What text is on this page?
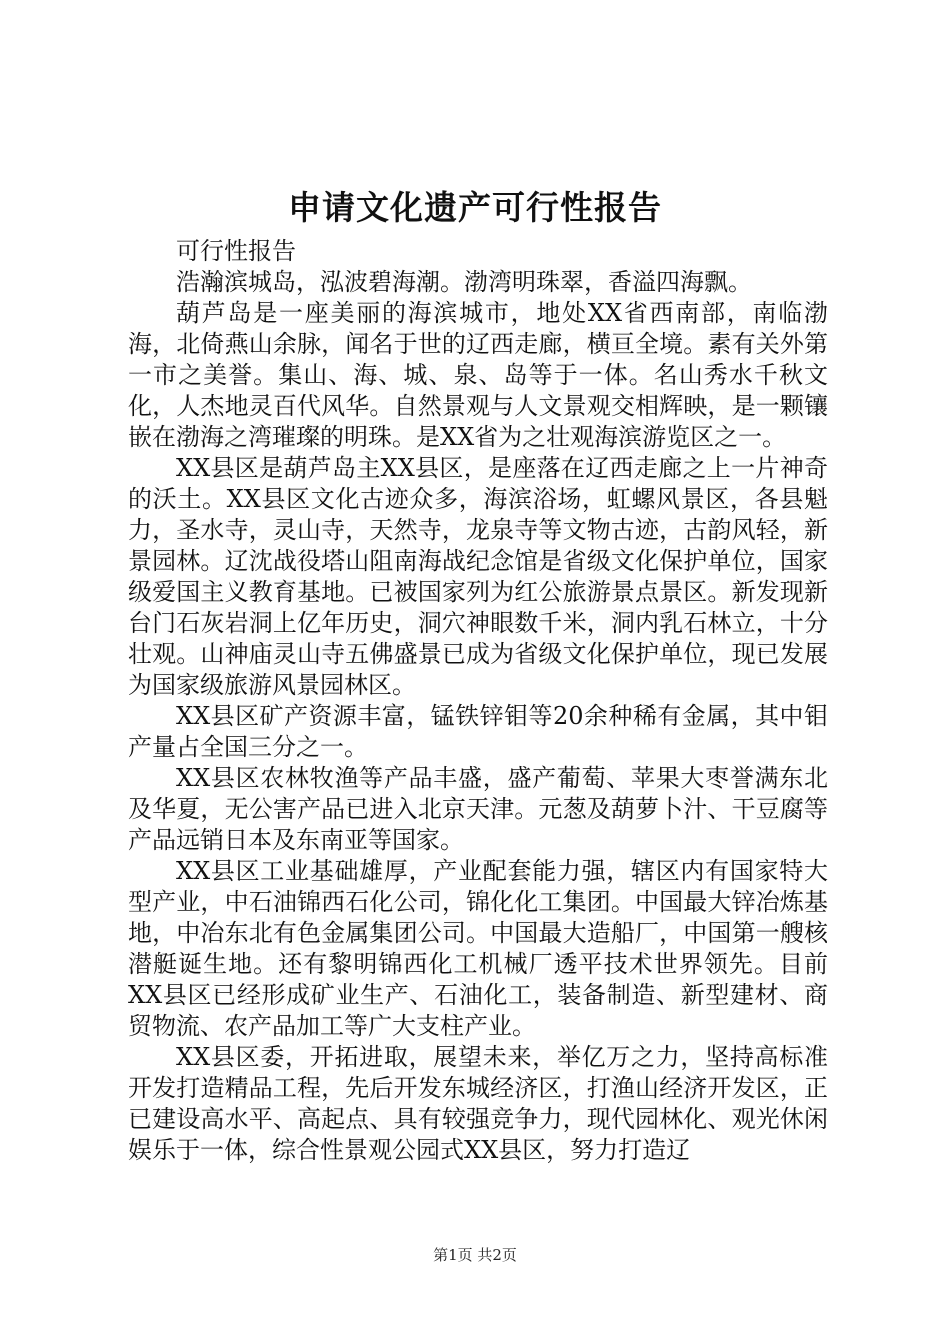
申请文化遗产可行性报告

可行性报告

浩瀚滨城岛，泓波碧海潮。渤湾明珠翠，香溢四海飘。

葫芦岛是一座美丽的海滨城市，地处XX省西南部，南临渤海，北倚燕山余脉，闻名于世的辽西走廊，横亘全境。素有关外第一市之美誉。集山、海、城、泉、岛等于一体。名山秀水千秋文化，人杰地灵百代风华。自然景观与人文景观交相辉映，是一颗镶嵌在渤海之湾璀璨的明珠。是XX省为之壮观海滨游览区之一。

XX县区是葫芦岛主XX县区，是座落在辽西走廊之上一片神奇的沃土。XX县区文化古迹众多，海滨浴场，虹螺风景区，各县魁力，圣水寺，灵山寺，天然寺，龙泉寺等文物古迹，古韵风轻，新景园林。辽沈战役塔山阻南海战纪念馆是省级文化保护单位，国家级爱国主义教育基地。已被国家列为红公旅游景点景区。新发现新台门石灰岩洞上亿年历史，洞穴神眼数千米，洞内乳石林立，十分壮观。山神庙灵山寺五佛盛景已成为省级文化保护单位，现已发展为国家级旅游风景园林区。

XX县区矿产资源丰富，锰铁锌钼等20余种稀有金属，其中钼产量占全国三分之一。

XX县区农林牧渔等产品丰盛，盛产葡萄、苹果大枣誉满东北及华夏，无公害产品已进入北京天津。元葱及葫萝卜汁、干豆腐等产品远销日本及东南亚等国家。

XX县区工业基础雄厚，产业配套能力强，辖区内有国家特大型产业，中石油锦西石化公司，锦化化工集团。中国最大锌冶炼基地，中冶东北有色金属集团公司。中国最大造船厂，中国第一艘核潜艇诞生地。还有黎明锦西化工机械厂透平技术世界领先。目前XX县区已经形成矿业生产、石油化工，装备制造、新型建材、商贸物流、农产品加工等广大支柱产业。

XX县区委，开拓进取，展望未来，举亿万之力，坚持高标准开发打造精品工程，先后开发东城经济区，打渔山经济开发区，正已建设高水平、高起点、具有较强竞争力，现代园林化、观光休闲娱乐于一体，综合性景观公园式XX县区，努力打造辽

第1页 共2页
